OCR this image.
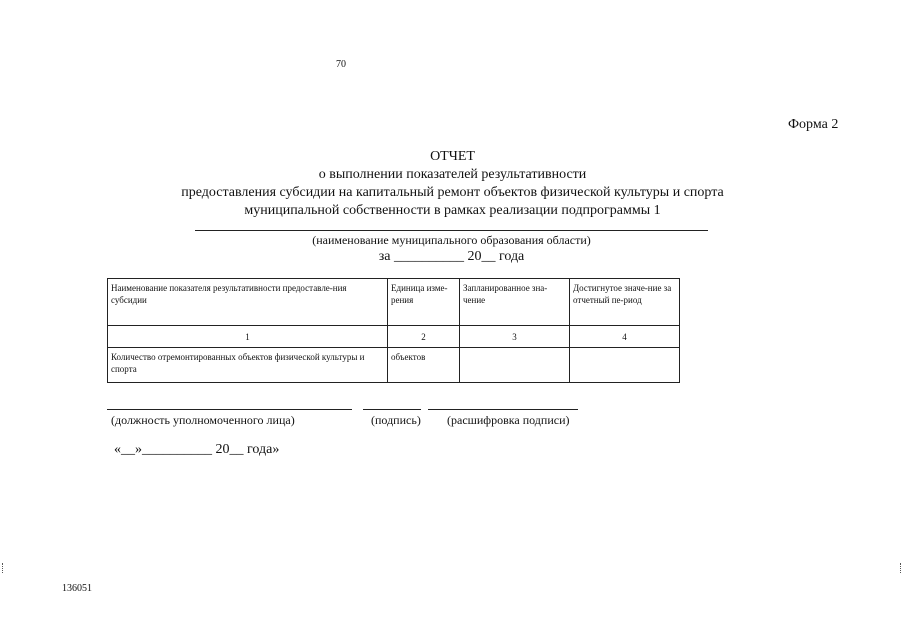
70
Форма 2
ОТЧЕТ
о выполнении показателей результативности
предоставления субсидии на капитальный ремонт объектов физической культуры и спорта
муниципальной собственности в рамках реализации подпрограммы 1
(наименование муниципального образования области)
за __________ 20__ года
Наименование показателя результативности предоставле-ния субсидии	Единица изме-рения	Запланированное зна-чение	Достигнутое значе-ние за отчетный пе-риод
1	2	3	4
Количество отремонтированных объектов физической культуры и спорта	объектов		
(должность уполномоченного лица)	(подпись) (расшифровка подписи)
«__»__________ 20__ года»
136051
